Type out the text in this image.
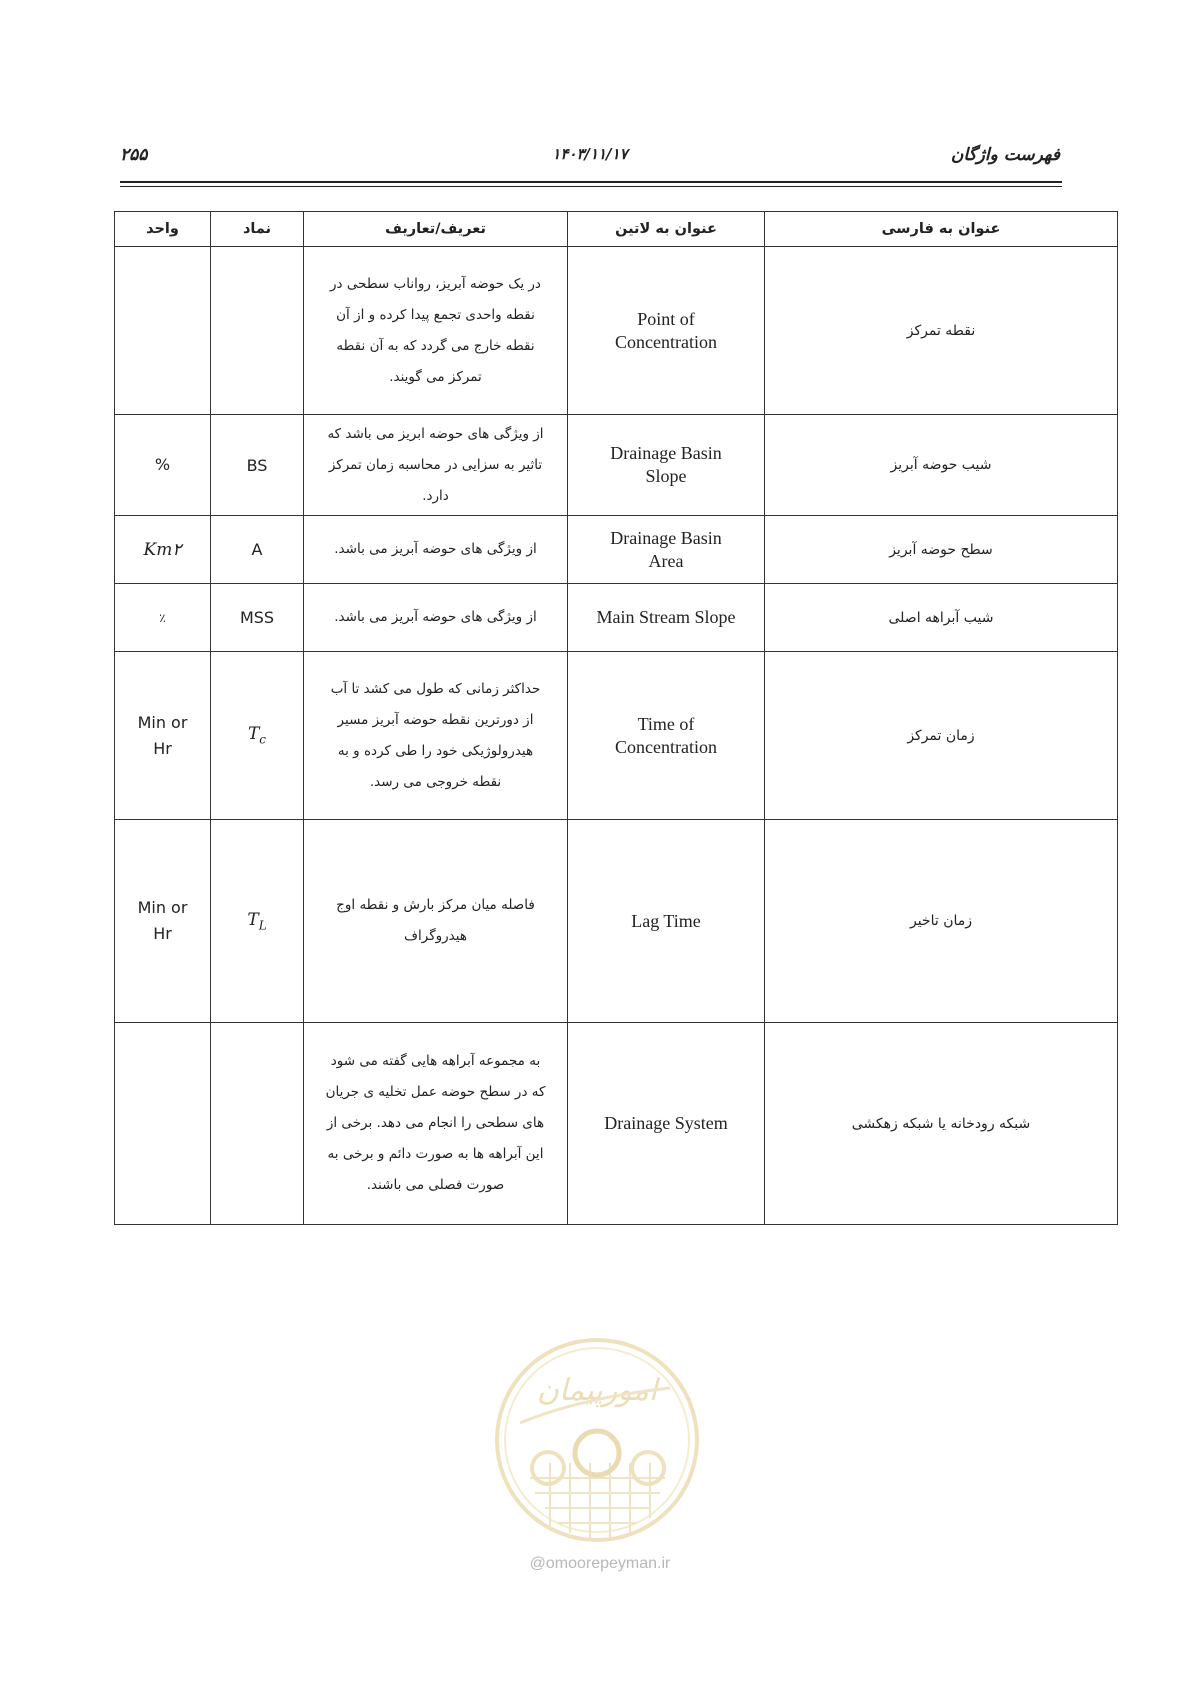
فهرست واژگان
۱۴۰۳/۱۱/۱۷
۲۵۵
عنوان به فارسی	عنوان به لاتین	تعریف/تعاریف	نماد	واحد
نقطه تمرکز	Point of Concentration	در یک حوضه آبریز، رواناب سطحی در نقطه واحدی تجمع پیدا کرده و از آن نقطه خارج می گردد که به آن نقطه تمرکز می گویند.		
شیب حوضه آبریز	Drainage Basin Slope	از ویژگی های حوضه ابریز می باشد که تاثیر به سزایی در محاسبه زمان تمرکز دارد.	BS	%
سطح حوضه آبریز	Drainage Basin Area	از ویژگی های حوضه آبریز می باشد.	A	Km۲
شیب آبراهه اصلی	Main Stream Slope	از ویژگی های حوضه آبریز می باشد.	MSS	٪
زمان تمرکز	Time of Concentration	حداکثر زمانی که طول می کشد تا آب از دورترین نقطه حوضه آبریز مسیر هیدرولوژیکی خود را طی کرده و به نقطه خروجی می رسد.	$T_c$	Min or Hr
زمان تاخیر	Lag Time	فاصله میان مرکز بارش و نقطه اوج هیدروگراف	$T_L$	Min or Hr
شبکه رودخانه یا شبکه زهکشی	Drainage System	به مجموعه آبراهه هایی گفته می شود که در سطح حوضه عمل تخلیه ی جریان های سطحی را انجام می دهد. برخی از این آبراهه ها به صورت دائم و برخی به صورت فصلی می باشند.		
امورپیمان
@omoorepeyman.ir
